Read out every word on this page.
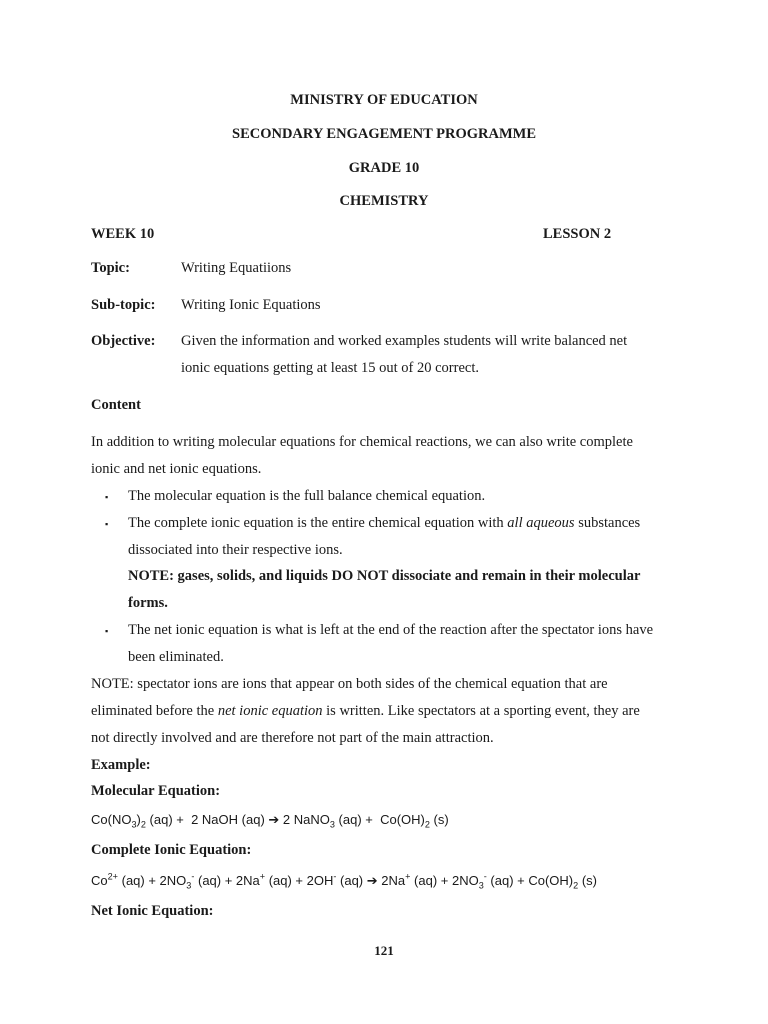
MINISTRY OF EDUCATION
SECONDARY ENGAGEMENT PROGRAMME
GRADE 10
CHEMISTRY
WEEK 10	LESSON 2
Topic:	Writing Equatiions
Sub-topic: Writing Ionic Equations
Objective: Given the information and worked examples students will write balanced net
ionic equations getting at least 15 out of 20 correct.
Content
In addition to writing molecular equations for chemical reactions, we can also write complete
ionic and net ionic equations.
▪ The molecular equation is the full balance chemical equation.
▪ The complete ionic equation is the entire chemical equation with all aqueous substances
dissociated into their respective ions.
NOTE: gases, solids, and liquids DO NOT dissociate and remain in their molecular
forms.
▪ The net ionic equation is what is left at the end of the reaction after the spectator ions have
been eliminated.
NOTE: spectator ions are ions that appear on both sides of the chemical equation that are
eliminated before the net ionic equation is written. Like spectators at a sporting event, they are
not directly involved and are therefore not part of the main attraction.
Example:
Molecular Equation:
$Co(NO_3)_2$ (aq) +  2 NaOH (aq) ➔ 2 NaNO$_3$ $(aq) + Co(OH)_2$ (s)
Complete Ionic Equation:
$Co^{2+}$ $(aq) + 2NO_3^-$ (aq) + 2Na+ (aq) + 2OH- (aq) ➔ 2Na+ $(aq) + 2NO_3^-$ $(aq) + Co(OH)_2$ (s)
Net Ionic Equation:
121
